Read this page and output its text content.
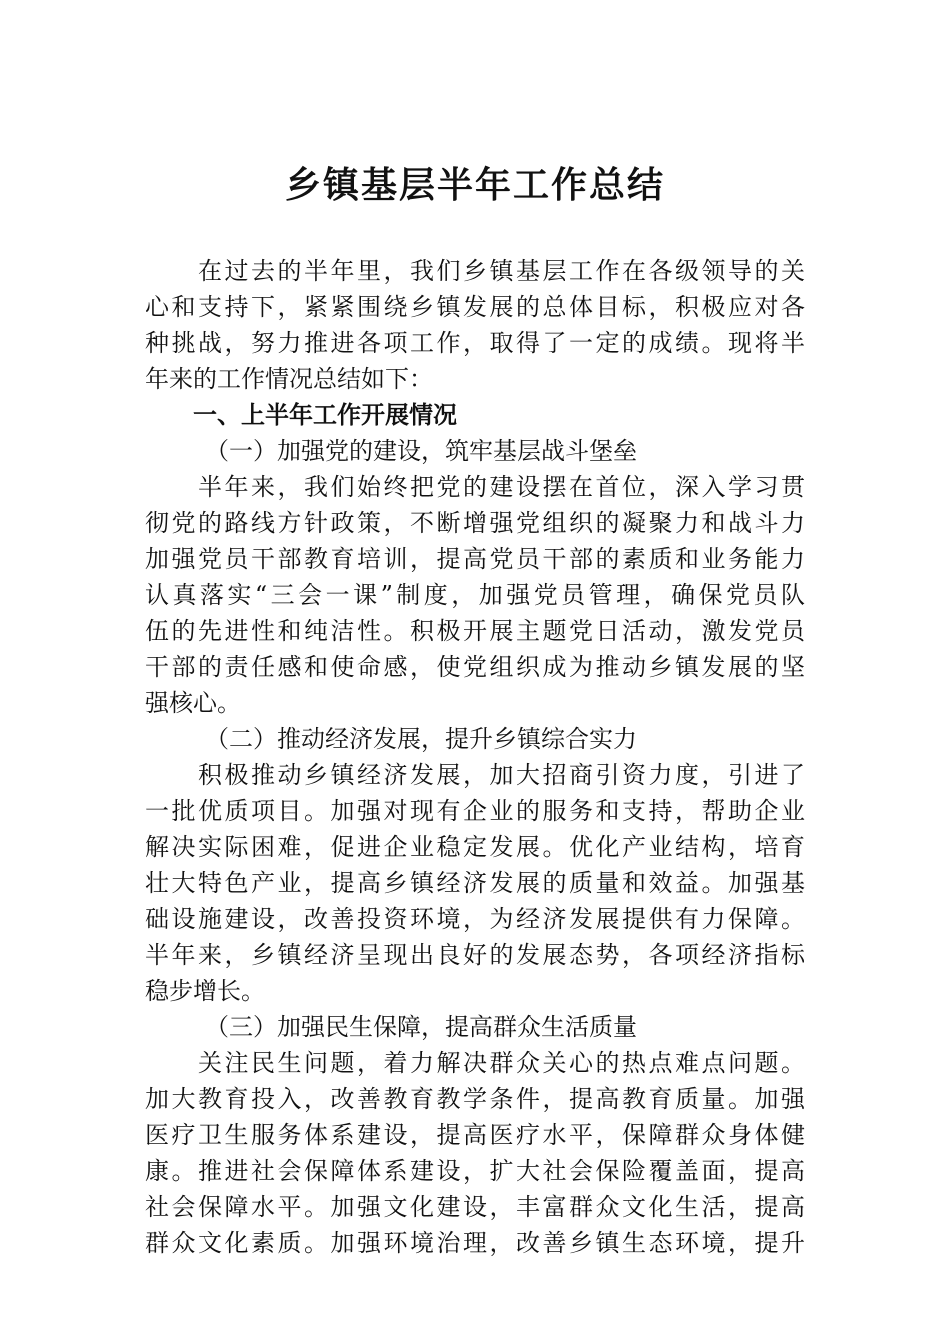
乡镇基层半年工作总结
在过去的半年里，我们乡镇基层工作在各级领导的关
心和支持下，紧紧围绕乡镇发展的总体目标，积极应对各
种挑战，努力推进各项工作，取得了一定的成绩。现将半
年来的工作情况总结如下：
一、上半年工作开展情况
（一）加强党的建设，筑牢基层战斗堡垒
半年来，我们始终把党的建设摆在首位，深入学习贯
彻党的路线方针政策，不断增强党组织的凝聚力和战斗力
加强党员干部教育培训，提高党员干部的素质和业务能力
认真落实“三会一课”制度，加强党员管理，确保党员队
伍的先进性和纯洁性。积极开展主题党日活动，激发党员
干部的责任感和使命感，使党组织成为推动乡镇发展的坚
强核心。
（二）推动经济发展，提升乡镇综合实力
积极推动乡镇经济发展，加大招商引资力度，引进了
一批优质项目。加强对现有企业的服务和支持，帮助企业
解决实际困难，促进企业稳定发展。优化产业结构，培育
壮大特色产业，提高乡镇经济发展的质量和效益。加强基
础设施建设，改善投资环境，为经济发展提供有力保障。
半年来，乡镇经济呈现出良好的发展态势，各项经济指标
稳步增长。
（三）加强民生保障，提高群众生活质量
关注民生问题，着力解决群众关心的热点难点问题。
加大教育投入，改善教育教学条件，提高教育质量。加强
医疗卫生服务体系建设，提高医疗水平，保障群众身体健
康。推进社会保障体系建设，扩大社会保险覆盖面，提高
社会保障水平。加强文化建设，丰富群众文化生活，提高
群众文化素质。加强环境治理，改善乡镇生态环境，提升
